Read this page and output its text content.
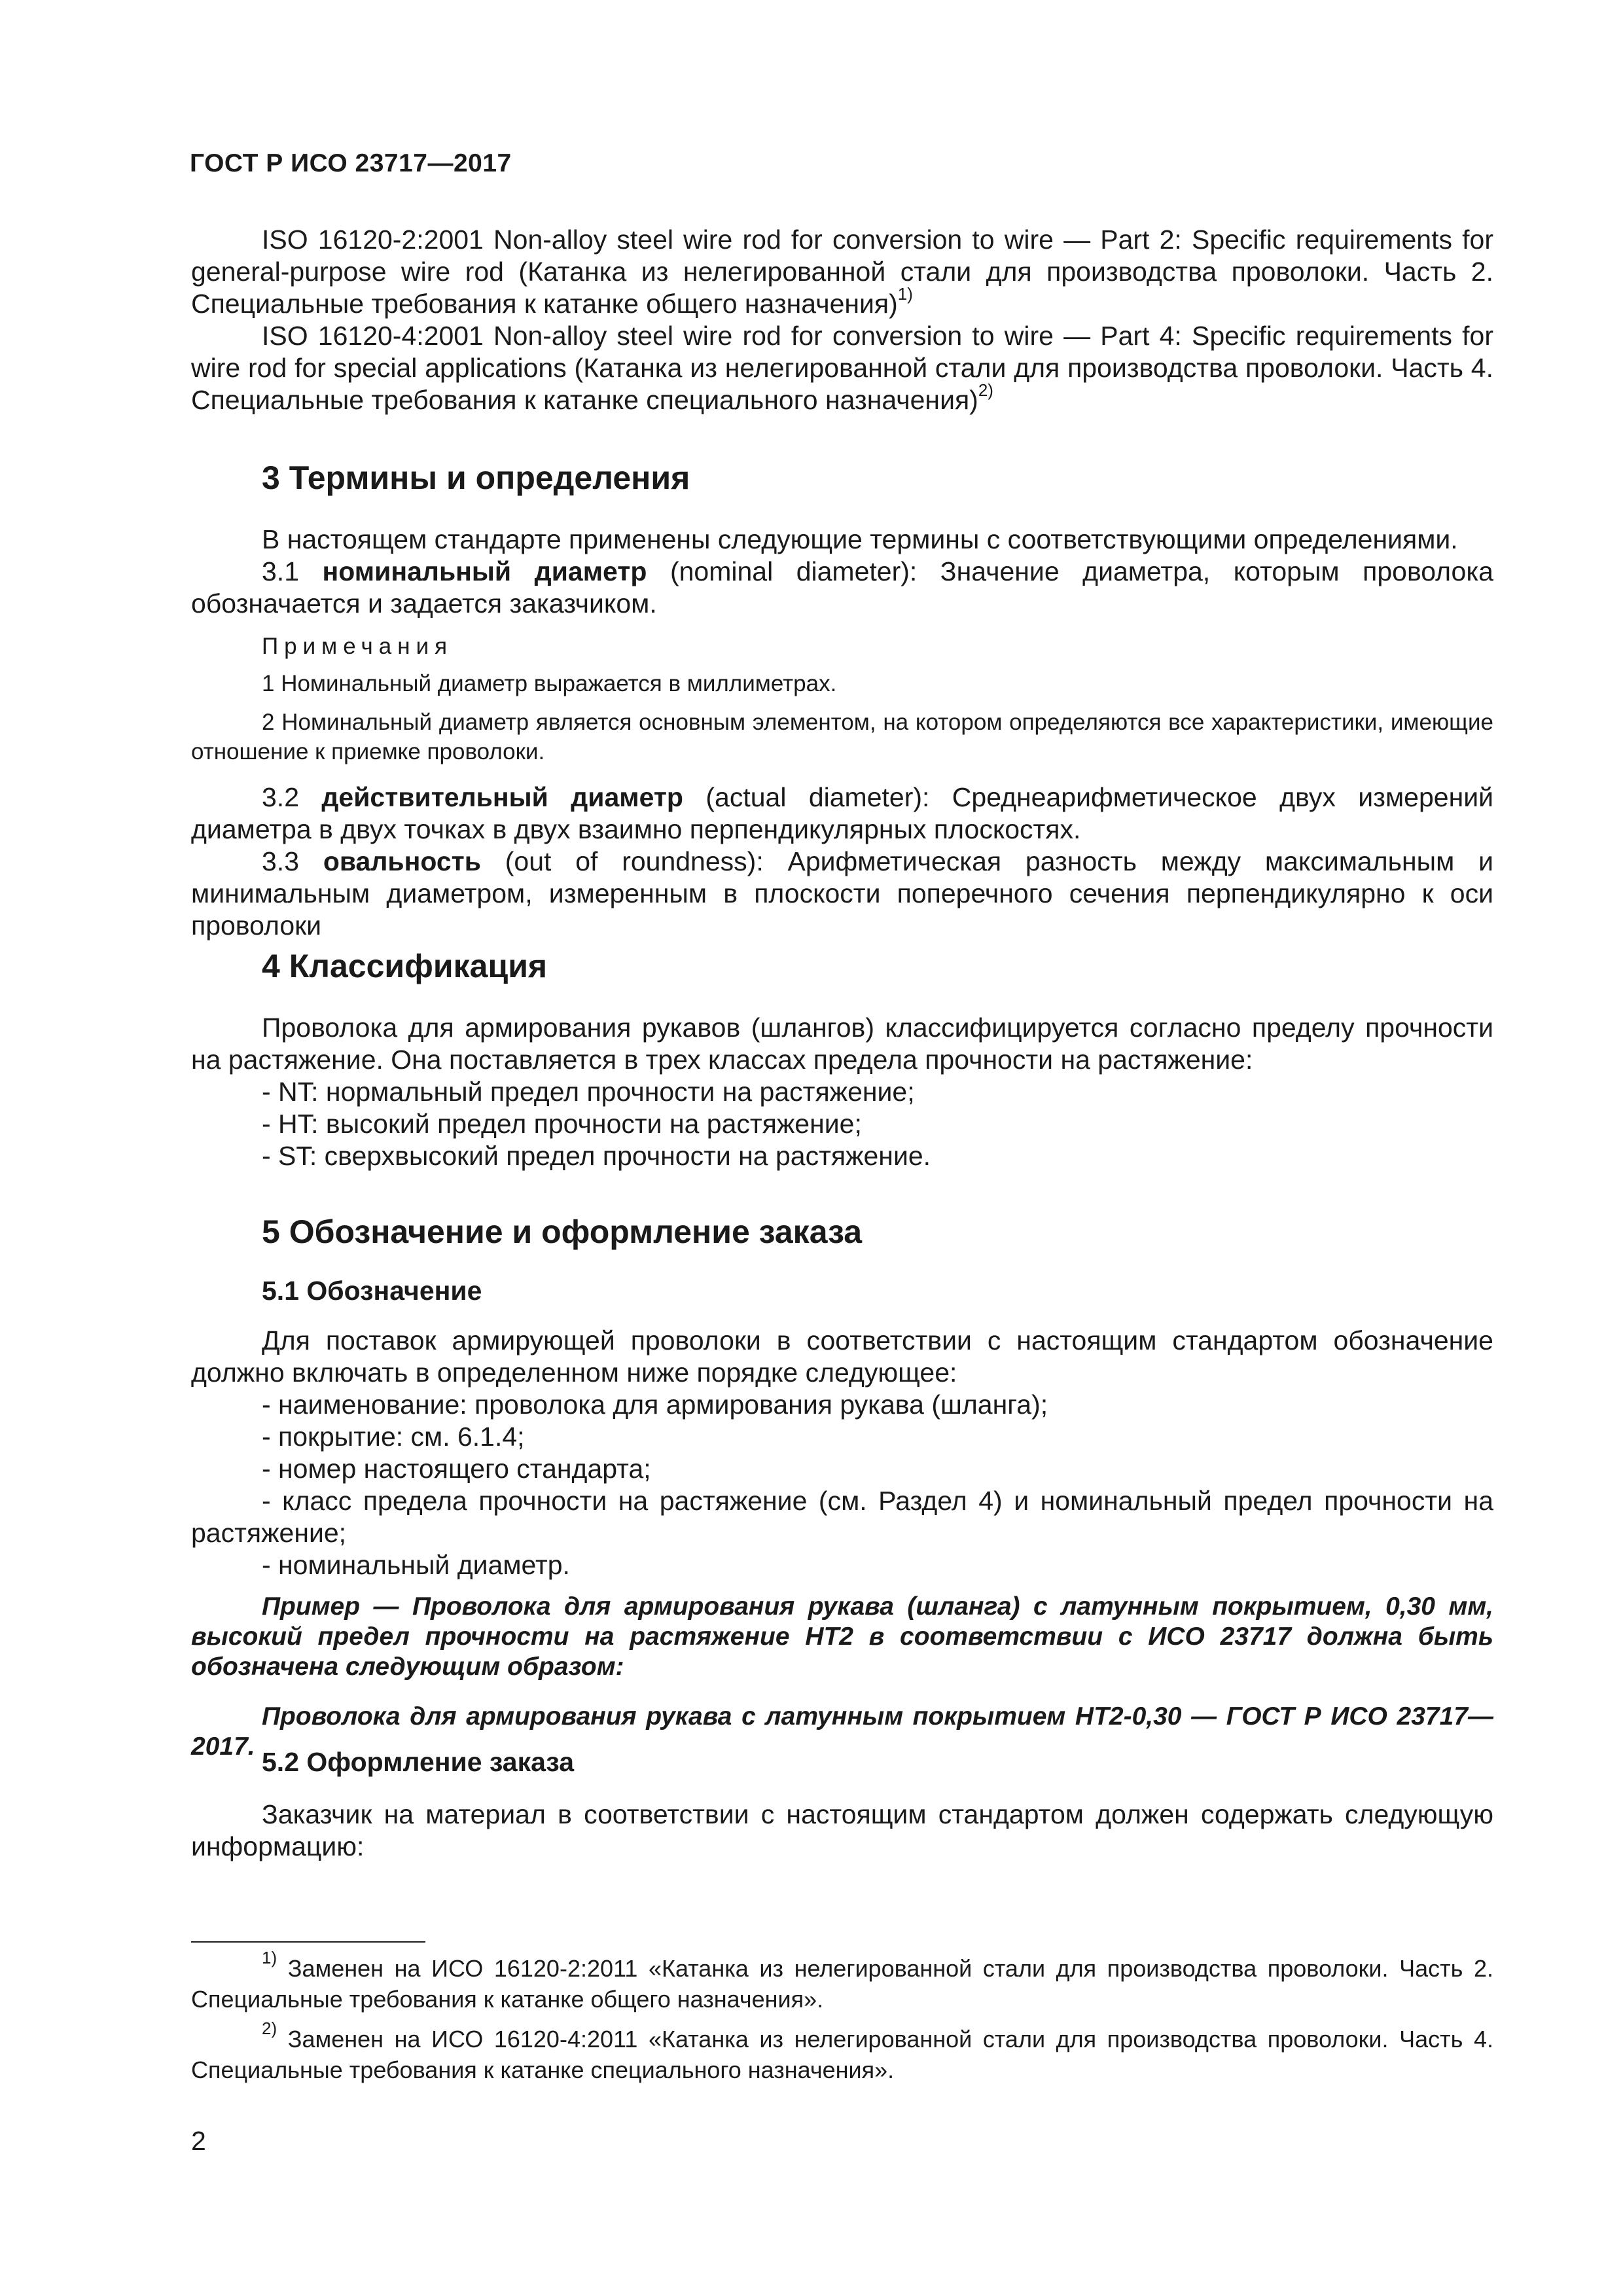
ГОСТ Р ИСО 23717—2017

ISO 16120-2:2001 Non-alloy steel wire rod for conversion to wire — Part 2: Specific requirements for general-purpose wire rod (Катанка из нелегированной стали для производства проволоки. Часть 2. Специальные требования к катанке общего назначения)$^{1)}$

ISO 16120-4:2001 Non-alloy steel wire rod for conversion to wire — Part 4: Specific requirements for wire rod for special applications (Катанка из нелегированной стали для производства проволоки. Часть 4. Специальные требования к катанке специального назначения)$^{2)}$

3 Термины и определения

В настоящем стандарте применены следующие термины с соответствующими определениями.

3.1 номинальный диаметр (nominal diameter): Значение диаметра, которым проволока обозначается и задается заказчиком.

Примечания

1 Номинальный диаметр выражается в миллиметрах.

2 Номинальный диаметр является основным элементом, на котором определяются все характеристики, имеющие отношение к приемке проволоки.

3.2 действительный диаметр (actual diameter): Среднеарифметическое двух измерений диаметра в двух точках в двух взаимно перпендикулярных плоскостях.

3.3 овальность (out of roundness): Арифметическая разность между максимальным и минимальным диаметром, измеренным в плоскости поперечного сечения перпендикулярно к оси проволоки

4 Классификация

Проволока для армирования рукавов (шлангов) классифицируется согласно пределу прочности на растяжение. Она поставляется в трех классах предела прочности на растяжение:

- NT: нормальный предел прочности на растяжение;

- HT: высокий предел прочности на растяжение;

- ST: сверхвысокий предел прочности на растяжение.

5 Обозначение и оформление заказа

5.1 Обозначение

Для поставок армирующей проволоки в соответствии с настоящим стандартом обозначение должно включать в определенном ниже порядке следующее:

- наименование: проволока для армирования рукава (шланга);

- покрытие: см. 6.1.4;

- номер настоящего стандарта;

- класс предела прочности на растяжение (см. Раздел 4) и номинальный предел прочности на растяжение;

- номинальный диаметр.

Пример — Проволока для армирования рукава (шланга) с латунным покрытием, 0,30 мм, высокий предел прочности на растяжение HT2 в соответствии с ИСО 23717 должна быть обозначена следующим образом:

Проволока для армирования рукава с латунным покрытием HT2-0,30 — ГОСТ Р ИСО 23717—2017.

5.2 Оформление заказа

Заказчик на материал в соответствии с настоящим стандартом должен содержать следующую информацию:

$^{1)}$ Заменен на ИСО 16120-2:2011 «Катанка из нелегированной стали для производства проволоки. Часть 2. Специальные требования к катанке общего назначения».

$^{2)}$ Заменен на ИСО 16120-4:2011 «Катанка из нелегированной стали для производства проволоки. Часть 4. Специальные требования к катанке специального назначения».

2
